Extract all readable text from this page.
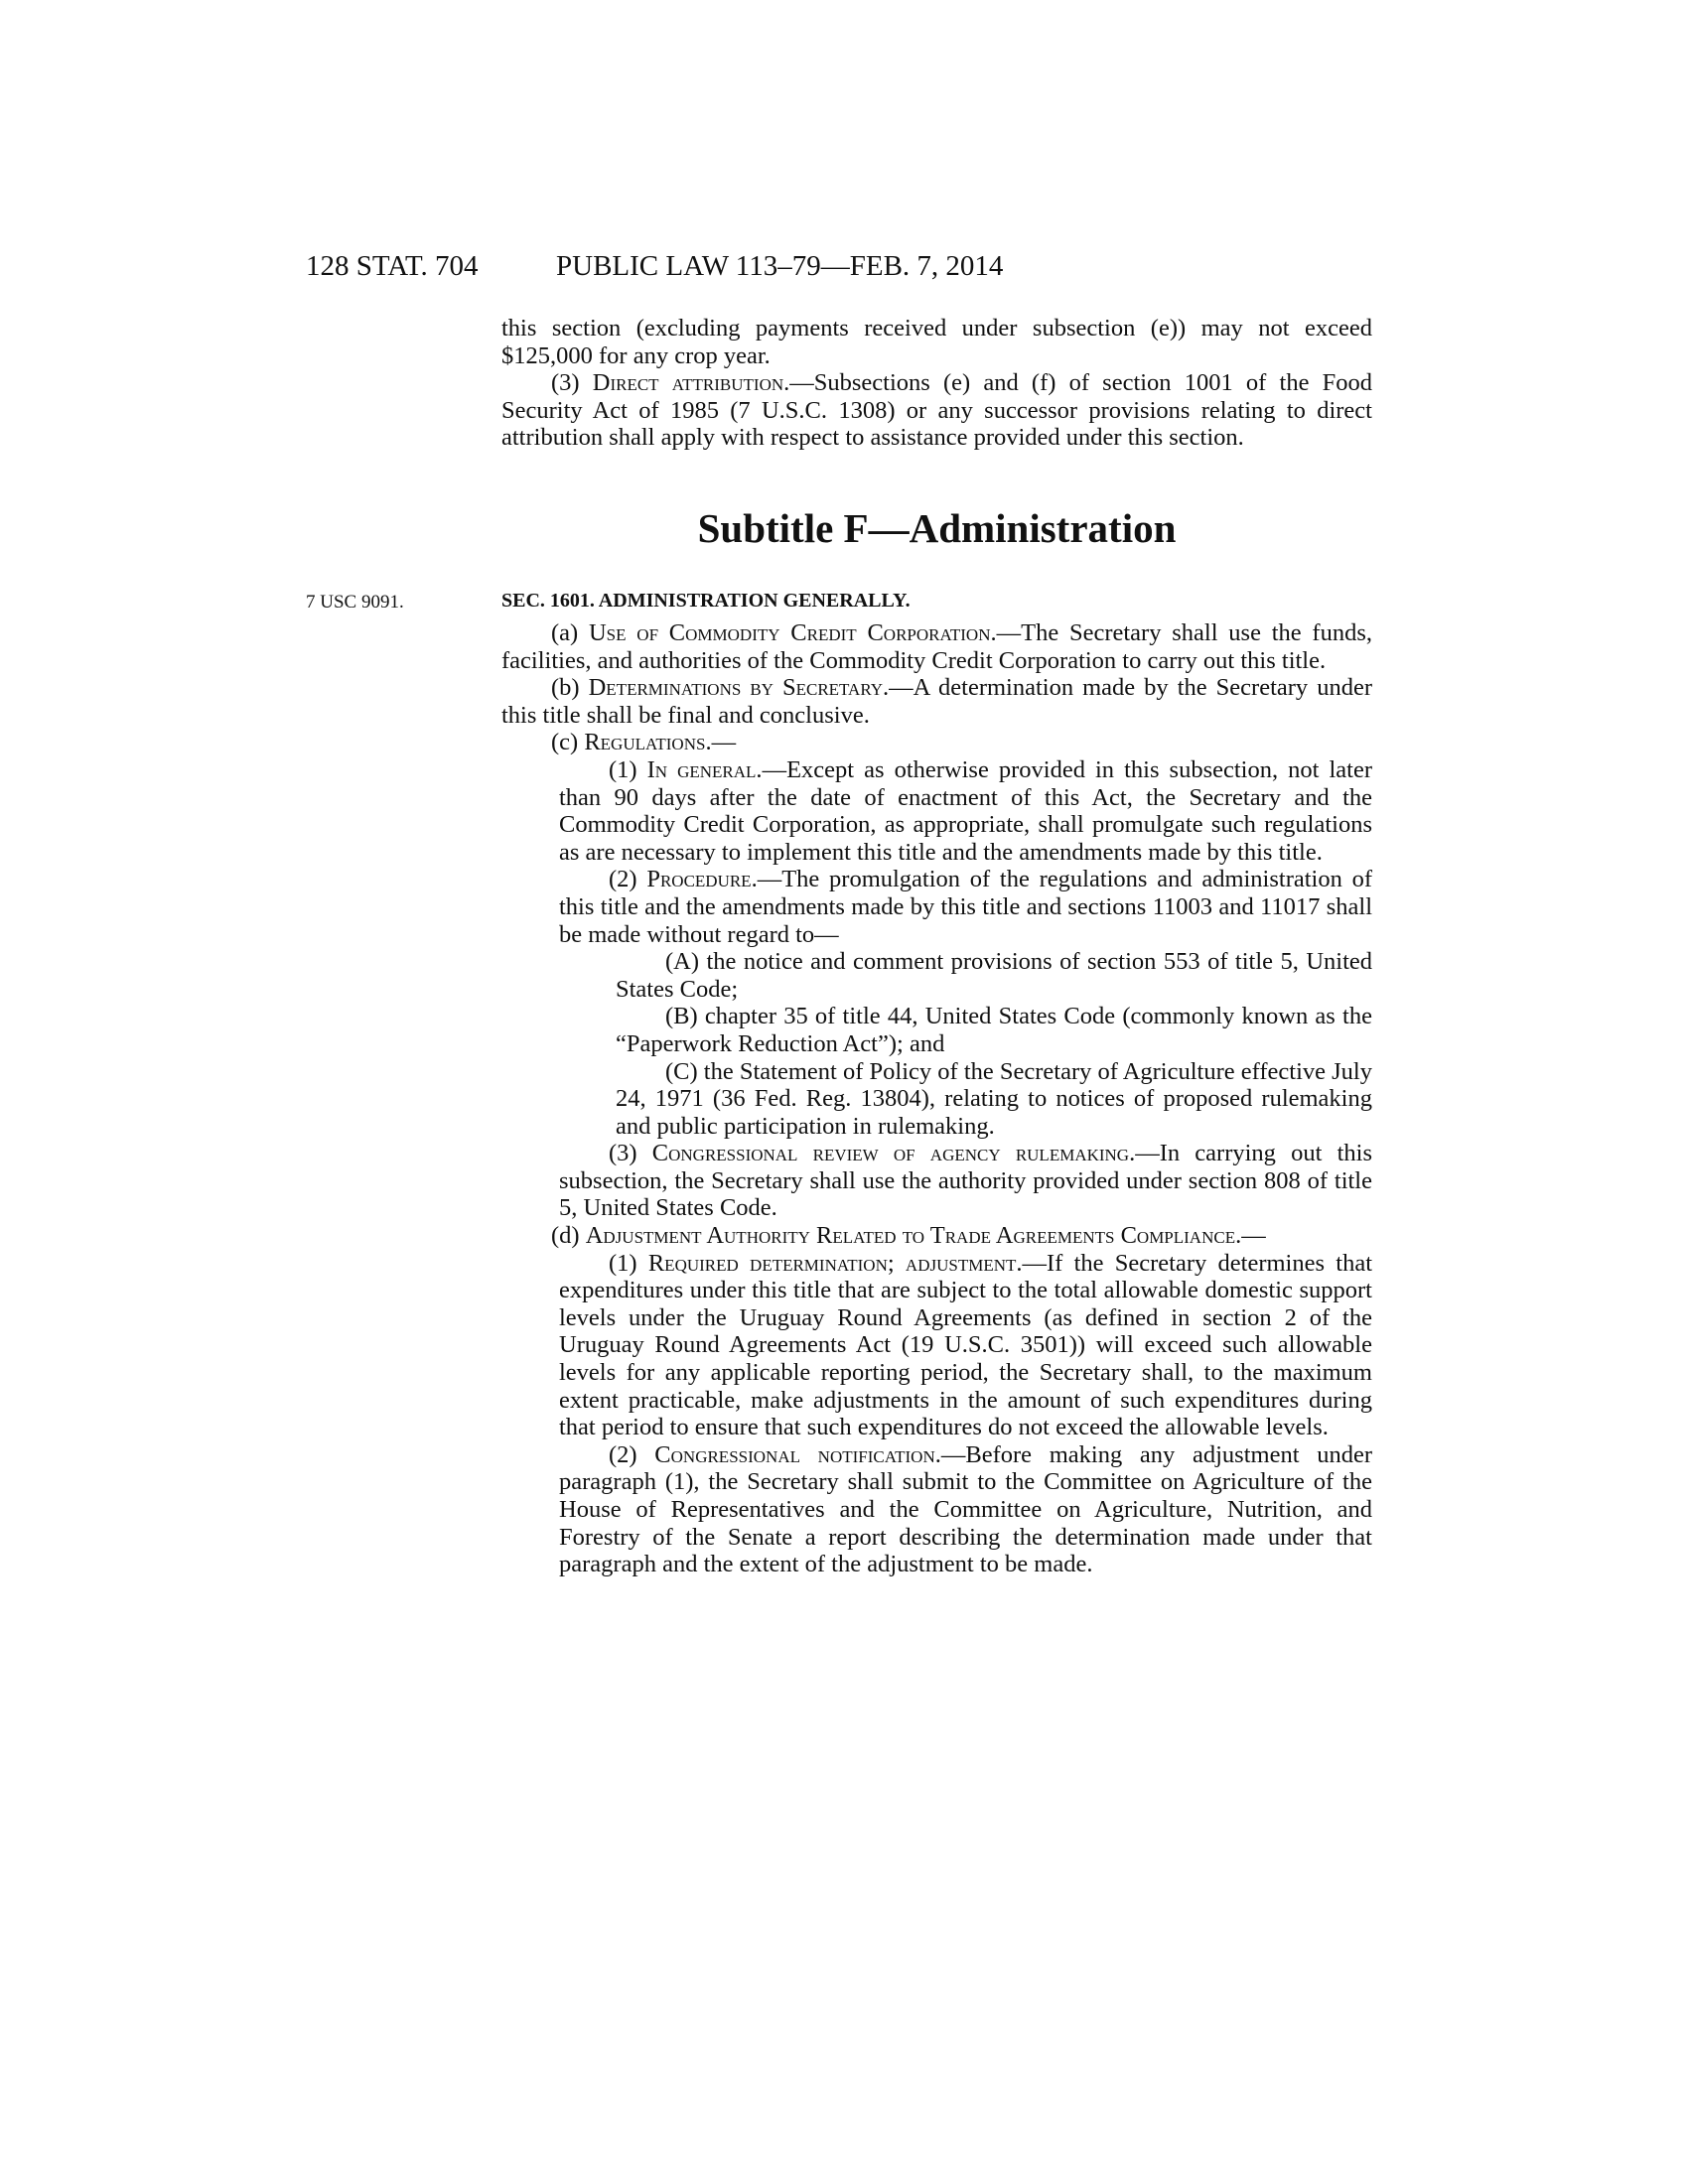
128 STAT. 704	PUBLIC LAW 113–79—FEB. 7, 2014

this section (excluding payments received under subsection (e)) may not exceed $125,000 for any crop year.

(3) Direct attribution.—Subsections (e) and (f) of section 1001 of the Food Security Act of 1985 (7 U.S.C. 1308) or any successor provisions relating to direct attribution shall apply with respect to assistance provided under this section.

Subtitle F—Administration
7 USC 9091.	SEC. 1601. ADMINISTRATION GENERALLY.

(a) Use of Commodity Credit Corporation.—The Secretary shall use the funds, facilities, and authorities of the Commodity Credit Corporation to carry out this title.

(b) Determinations by Secretary.—A determination made by the Secretary under this title shall be final and conclusive.

(c) Regulations.—

(1) In general.—Except as otherwise provided in this subsection, not later than 90 days after the date of enactment of this Act, the Secretary and the Commodity Credit Corporation, as appropriate, shall promulgate such regulations as are necessary to implement this title and the amendments made by this title.

(2) Procedure.—The promulgation of the regulations and administration of this title and the amendments made by this title and sections 11003 and 11017 shall be made without regard to—

(A) the notice and comment provisions of section 553 of title 5, United States Code;

(B) chapter 35 of title 44, United States Code (commonly known as the “Paperwork Reduction Act”); and

(C) the Statement of Policy of the Secretary of Agriculture effective July 24, 1971 (36 Fed. Reg. 13804), relating to notices of proposed rulemaking and public participation in rulemaking.

(3) Congressional review of agency rulemaking.—In carrying out this subsection, the Secretary shall use the authority provided under section 808 of title 5, United States Code.

(d) Adjustment Authority Related to Trade Agreements Compliance.—

(1) Required determination; adjustment.—If the Secretary determines that expenditures under this title that are subject to the total allowable domestic support levels under the Uruguay Round Agreements (as defined in section 2 of the Uruguay Round Agreements Act (19 U.S.C. 3501)) will exceed such allowable levels for any applicable reporting period, the Secretary shall, to the maximum extent practicable, make adjustments in the amount of such expenditures during that period to ensure that such expenditures do not exceed the allowable levels.

(2) Congressional notification.—Before making any adjustment under paragraph (1), the Secretary shall submit to the Committee on Agriculture of the House of Representatives and the Committee on Agriculture, Nutrition, and Forestry of the Senate a report describing the determination made under that paragraph and the extent of the adjustment to be made.
